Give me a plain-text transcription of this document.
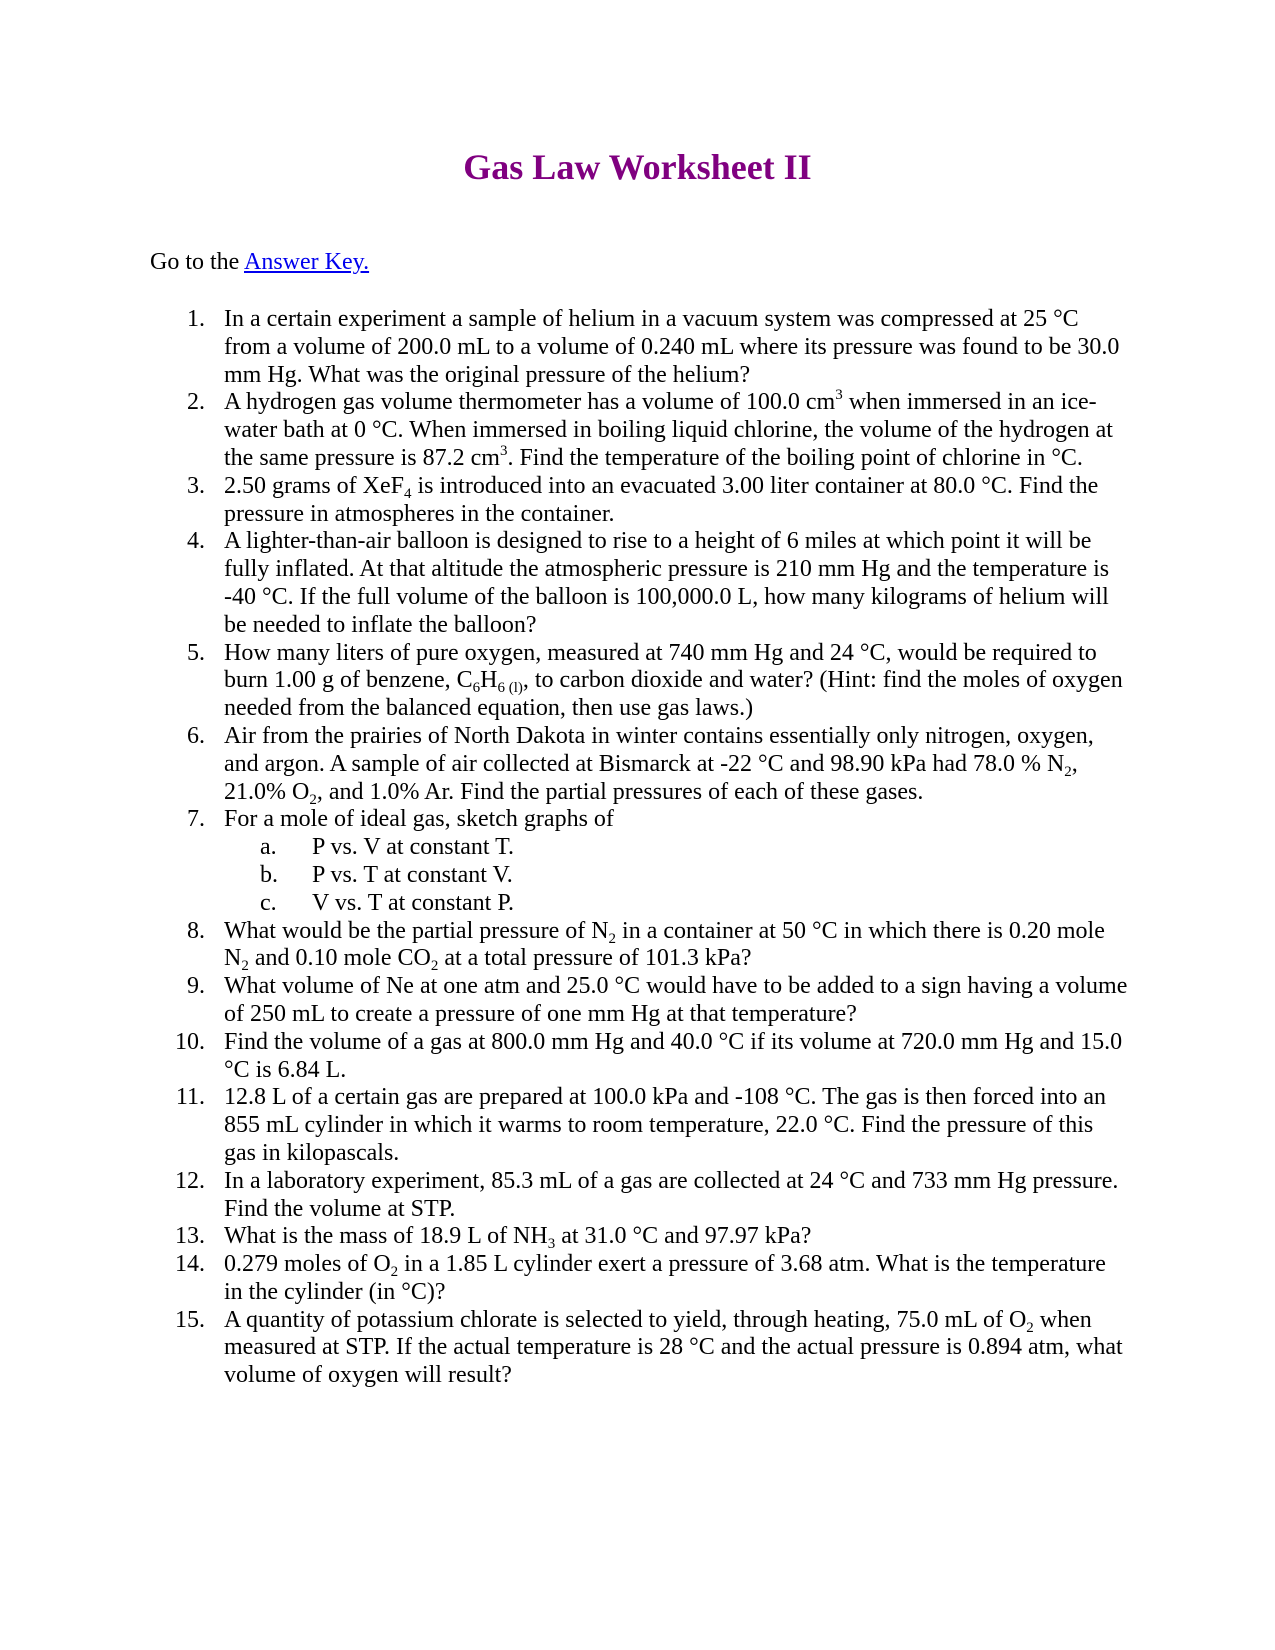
Gas Law Worksheet II

Go to the Answer Key.

1. In a certain experiment a sample of helium in a vacuum system was compressed at 25 °C from a volume of 200.0 mL to a volume of 0.240 mL where its pressure was found to be 30.0 mm Hg. What was the original pressure of the helium?
2. A hydrogen gas volume thermometer has a volume of 100.0 $cm^3$ when immersed in an ice-water bath at 0 °C. When immersed in boiling liquid chlorine, the volume of the hydrogen at the same pressure is 87.2 $cm^3$. Find the temperature of the boiling point of chlorine in °C.
3. 2.50 grams of XeF$_4$ is introduced into an evacuated 3.00 liter container at 80.0 °C. Find the pressure in atmospheres in the container.
4. A lighter-than-air balloon is designed to rise to a height of 6 miles at which point it will be fully inflated. At that altitude the atmospheric pressure is 210 mm Hg and the temperature is -40 °C. If the full volume of the balloon is 100,000.0 L, how many kilograms of helium will be needed to inflate the balloon?
5. How many liters of pure oxygen, measured at 740 mm Hg and 24 °C, would be required to burn 1.00 g of benzene, $C_6H_{6 (l)}$, to carbon dioxide and water? (Hint: find the moles of oxygen needed from the balanced equation, then use gas laws.)
6. Air from the prairies of North Dakota in winter contains essentially only nitrogen, oxygen, and argon. A sample of air collected at Bismarck at -22 °C and 98.90 kPa had 78.0 % $N_2$, 21.0% $O_2$, and 1.0% Ar. Find the partial pressures of each of these gases.
7. For a mole of ideal gas, sketch graphs of
a. P vs. V at constant T.
b. P vs. T at constant V.
c. V vs. T at constant P.
8. What would be the partial pressure of $N_2$ in a container at 50 °C in which there is 0.20 mole $N_2$ and 0.10 mole $CO_2$ at a total pressure of 101.3 kPa?
9. What volume of Ne at one atm and 25.0 °C would have to be added to a sign having a volume of 250 mL to create a pressure of one mm Hg at that temperature?
10. Find the volume of a gas at 800.0 mm Hg and 40.0 °C if its volume at 720.0 mm Hg and 15.0 °C is 6.84 L.
11. 12.8 L of a certain gas are prepared at 100.0 kPa and -108 °C. The gas is then forced into an 855 mL cylinder in which it warms to room temperature, 22.0 °C. Find the pressure of this gas in kilopascals.
12. In a laboratory experiment, 85.3 mL of a gas are collected at 24 °C and 733 mm Hg pressure. Find the volume at STP.
13. What is the mass of 18.9 L of $NH_3$ at 31.0 °C and 97.97 kPa?
14. 0.279 moles of $O_2$ in a 1.85 L cylinder exert a pressure of 3.68 atm. What is the temperature in the cylinder (in °C)?
15. A quantity of potassium chlorate is selected to yield, through heating, 75.0 mL of $O_2$ when measured at STP. If the actual temperature is 28 °C and the actual pressure is 0.894 atm, what volume of oxygen will result?
